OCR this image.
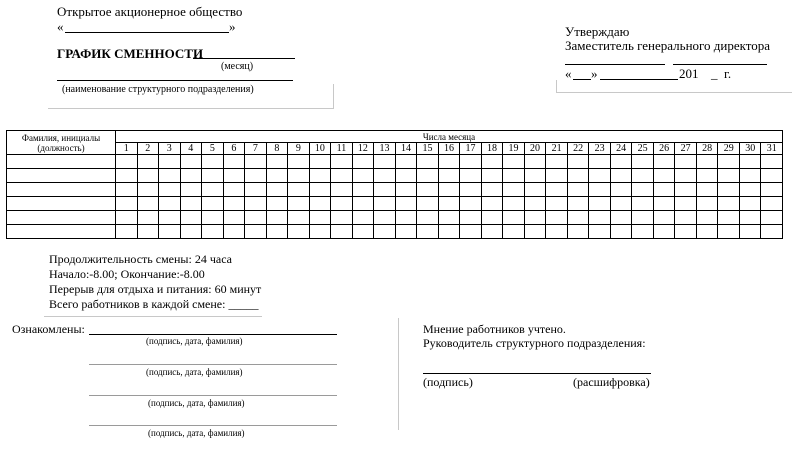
Открытое акционерное общество
«	»
ГРАФИК СМЕННОСТИ
(месяц)
(наименование структурного подразделения)
Утверждаю
Заместитель генерального директора
« »	201 _ г.
Фамилия, инициалы
(должность)	Числа месяца																														
	1	2	3	4	5	6	7	8	9	10	11	12	13	14	15	16	17	18	19	20	21	22	23	24	25	26	27	28	29	30	31

Продолжительность смены: 24 часа
Начало:-8.00; Окончание:-8.00
Перерыв для отдыха и питания: 60 минут
Всего работников в каждой смене: _____
Ознакомлены:
(подпись, дата, фамилия)
(подпись, дата, фамилия)
(подпись, дата, фамилия)
(подпись, дата, фамилия)
Мнение работников учтено.
Руководитель структурного подразделения:
(подпись)	(расшифровка)
